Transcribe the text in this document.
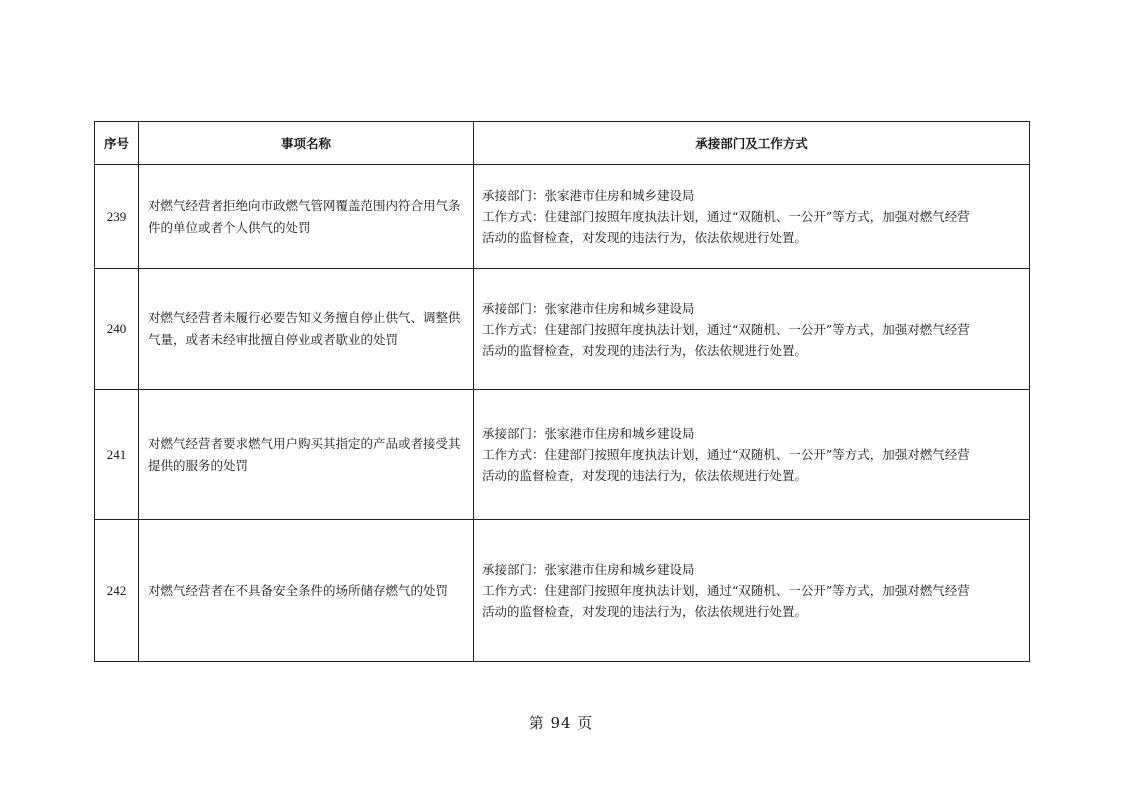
序号	事项名称	承接部门及工作方式
239	对燃气经营者拒绝向市政燃气管网覆盖范围内符合用气条件的单位或者个人供气的处罚	承接部门：张家港市住房和城乡建设局
工作方式：住建部门按照年度执法计划，通过“双随机、一公开”等方式，加强对燃气经营
活动的监督检查，对发现的违法行为，依法依规进行处置。

240	对燃气经营者未履行必要告知义务擅自停止供气、调整供气量，或者未经审批擅自停业或者歇业的处罚	承接部门：张家港市住房和城乡建设局
工作方式：住建部门按照年度执法计划，通过“双随机、一公开”等方式，加强对燃气经营
活动的监督检查，对发现的违法行为，依法依规进行处置。

241	对燃气经营者要求燃气用户购买其指定的产品或者接受其提供的服务的处罚	承接部门：张家港市住房和城乡建设局
工作方式：住建部门按照年度执法计划，通过“双随机、一公开”等方式，加强对燃气经营
活动的监督检查，对发现的违法行为，依法依规进行处置。

242	对燃气经营者在不具备安全条件的场所储存燃气的处罚	承接部门：张家港市住房和城乡建设局
工作方式：住建部门按照年度执法计划，通过“双随机、一公开”等方式，加强对燃气经营
活动的监督检查，对发现的违法行为，依法依规进行处置。
第 94 页
